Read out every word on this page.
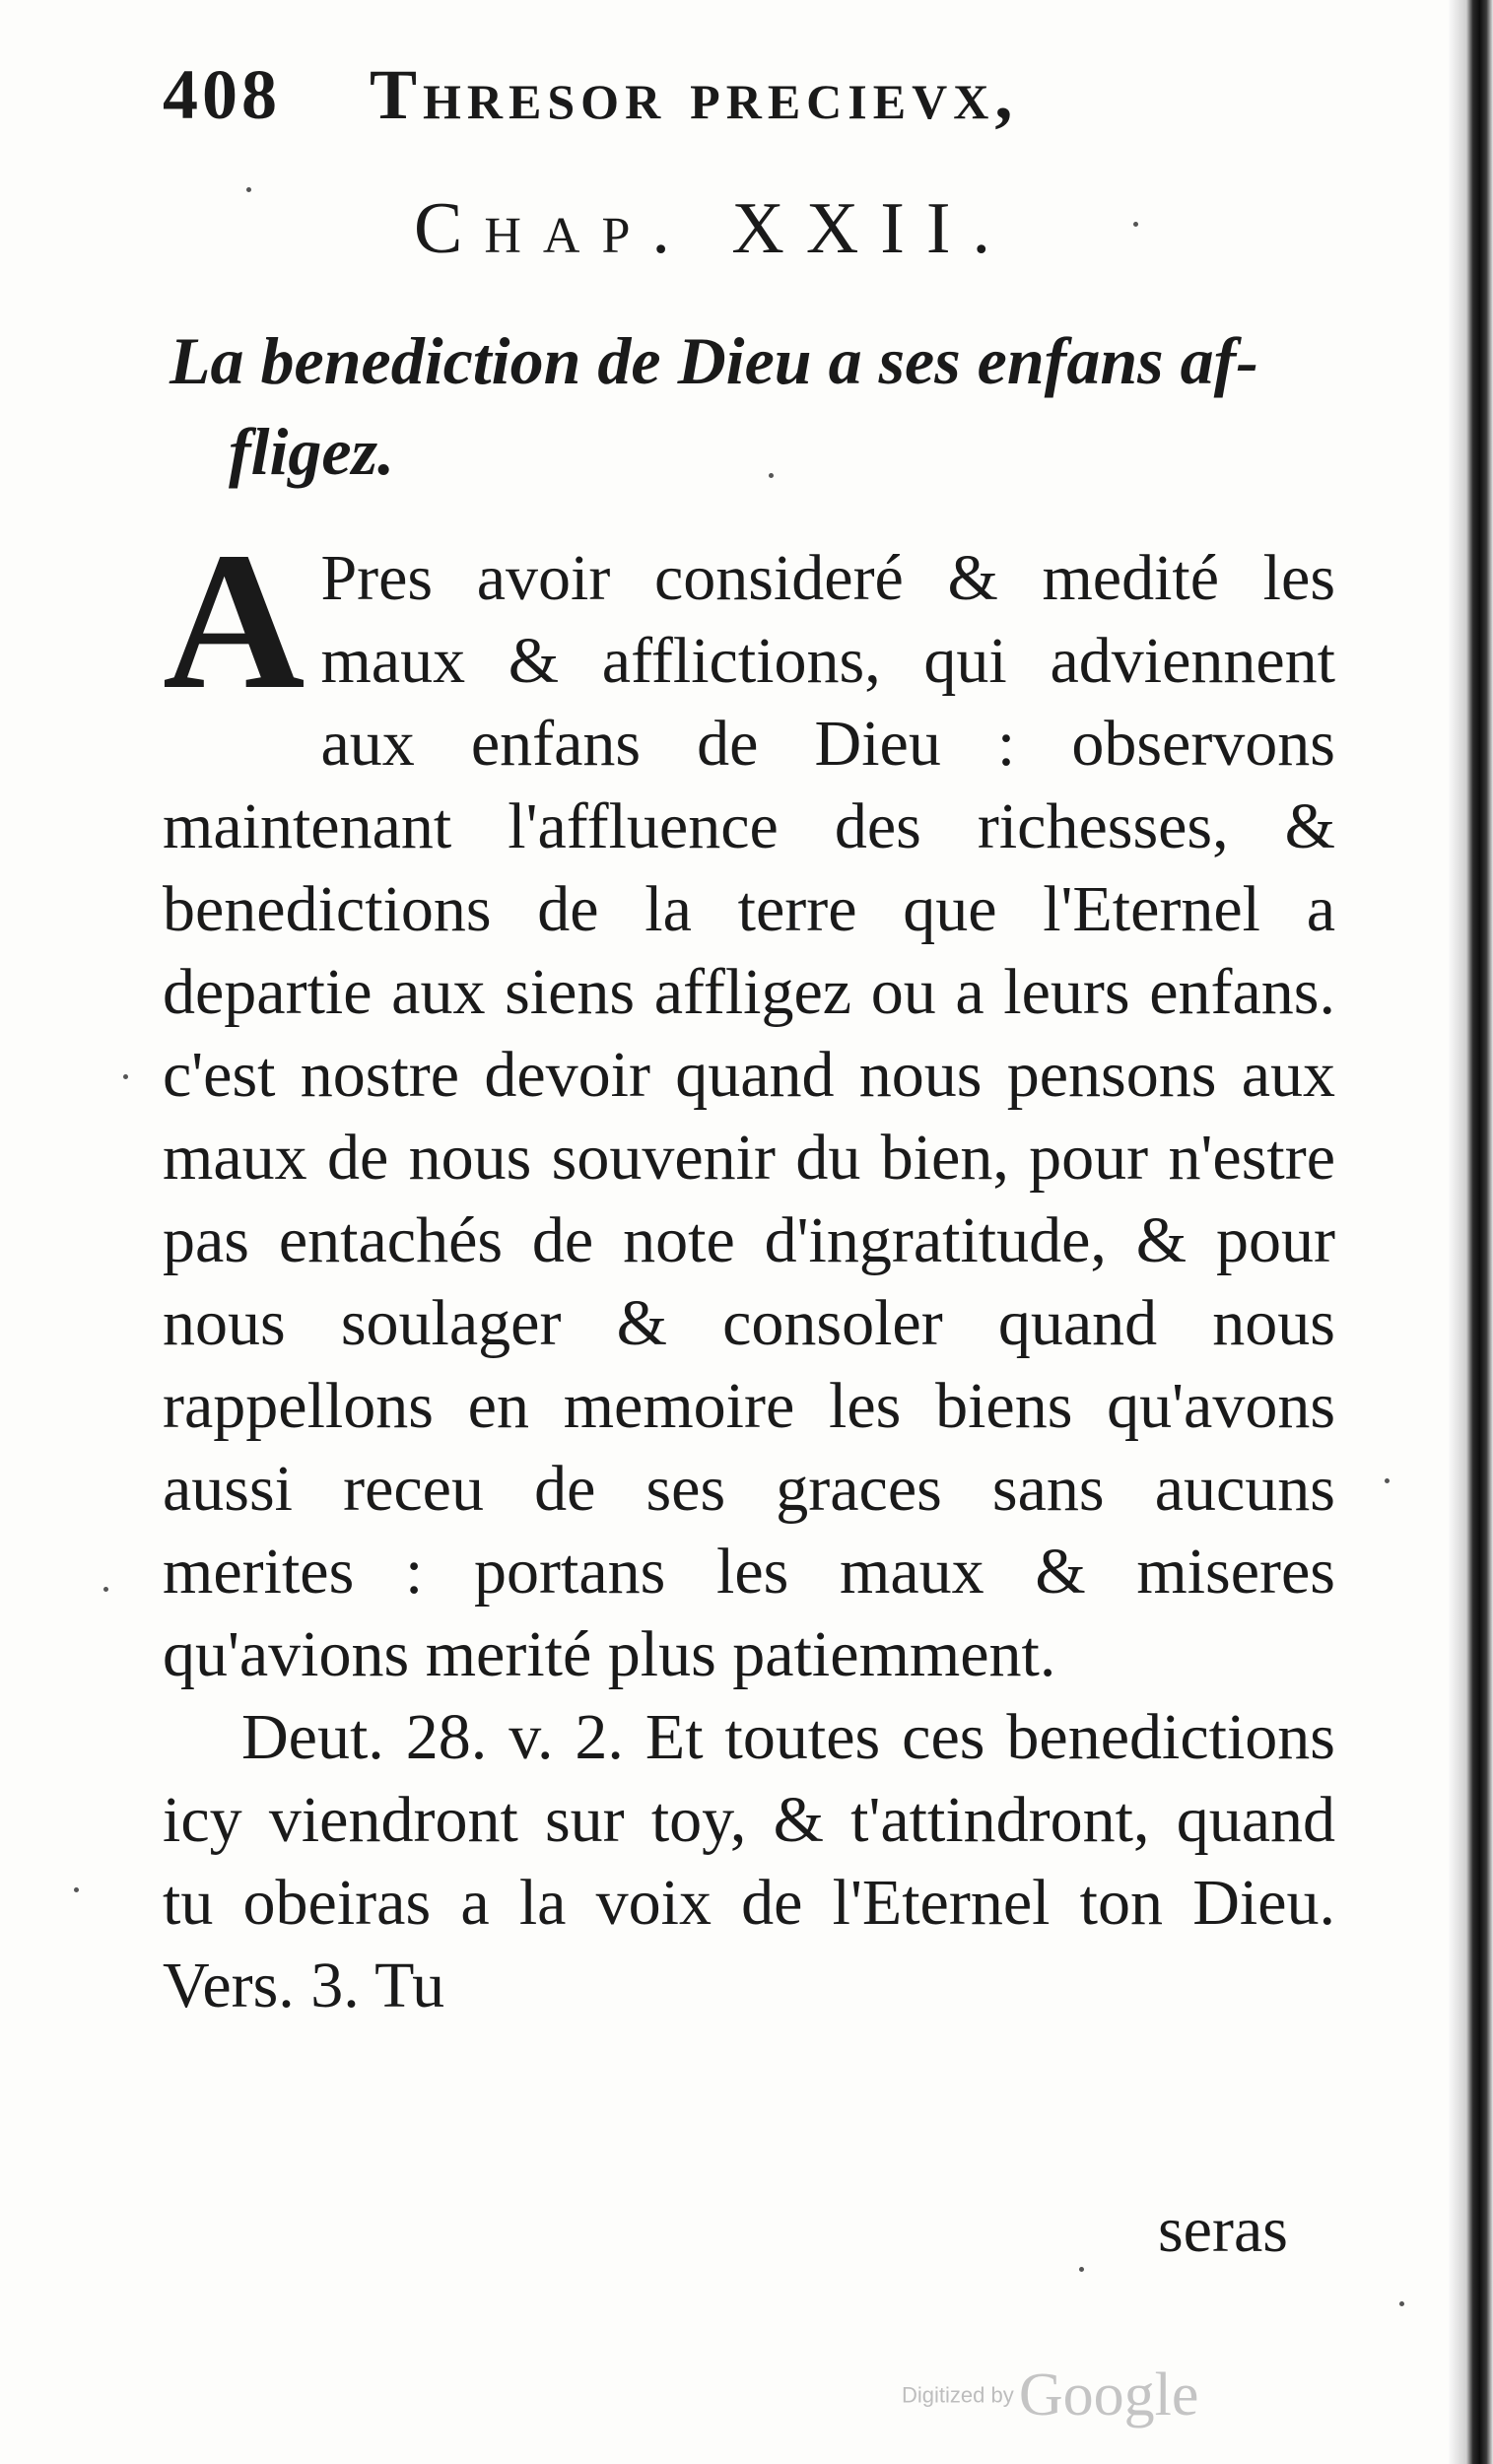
408 Thresor precievx,
Chap. XXII.
La benediction de Dieu a ses enfans af-
fligez.

A Pres avoir consideré & medité les maux & afflictions, qui adviennent aux enfans de Dieu : observons maintenant l'affluence des richesses, & benedictions de la terre que l'Eternel a departie aux siens affligez ou a leurs enfans. c'est nostre devoir quand nous pensons aux maux de nous souvenir du bien, pour n'estre pas entachés de note d'ingratitude, & pour nous soulager & consoler quand nous rappellons en memoire les biens qu'avons aussi receu de ses graces sans aucuns merites : portans les maux & miseres qu'avions merité plus patiemment.

Deut. 28. v. 2. Et toutes ces benedictions icy viendront sur toy, & t'attindront, quand tu obeiras a la voix de l'Eternel ton Dieu. Vers. 3. Tu

seras
Digitized by Google
